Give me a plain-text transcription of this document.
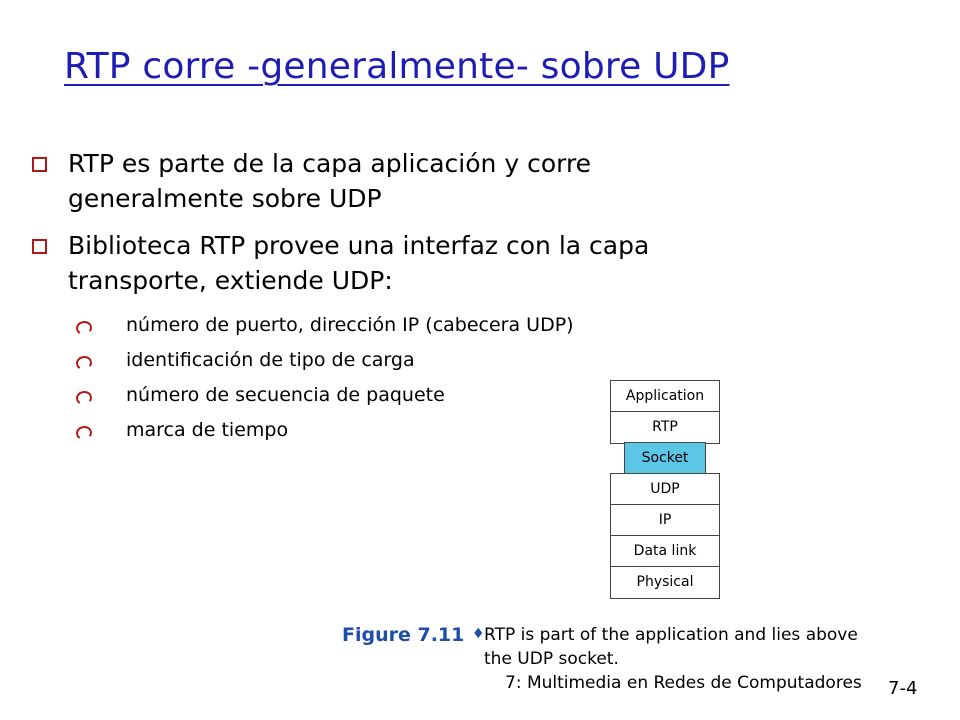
RTP corre -generalmente- sobre UDP
RTP es parte de la capa aplicación y corre generalmente sobre UDP
Biblioteca RTP provee una interfaz con la capa transporte, extiende UDP:
número de puerto, dirección IP (cabecera UDP)
identificación de tipo de carga
número de secuencia de paquete
marca de tiempo
Application
RTP
Socket
UDP
IP
Data link
Physical
Figure 7.11 ♦ RTP is part of the application and lies above the UDP socket.
7: Multimedia en Redes de Computadores 7-4
